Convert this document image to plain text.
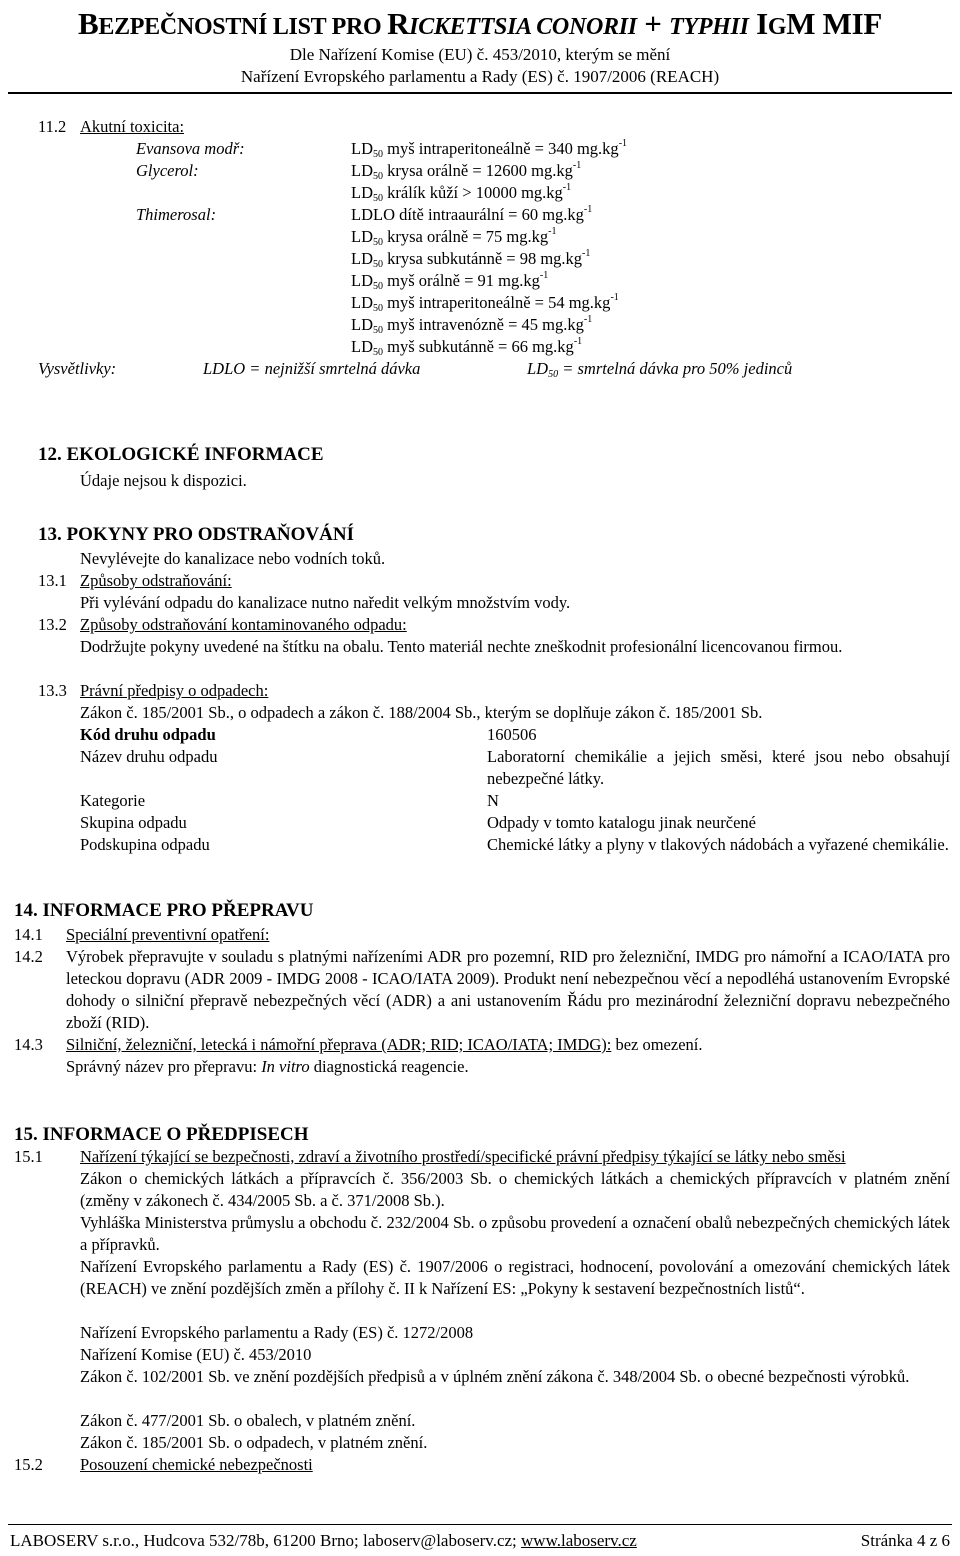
BEZPEČNOSTNÍ LIST PRO RICKETTSIA CONORII + TYPHII IGM MIF
Dle Nařízení Komise (EU) č. 453/2010, kterým se mění
Nařízení Evropského parlamentu a Rady (ES) č. 1907/2006 (REACH)
11.2 Akutní toxicita:
Evansova modř:	$LD_{50}$ myš intraperitoneálně = 340 $mg.kg^{-1}$
Glycerol:	$LD_{50}$ krysa orálně = 12600 $mg.kg^{-1}$
$LD_{50}$ králík kůží > 10000 $mg.kg^{-1}$
Thimerosal:	LDLO dítě intraaurální = 60 $mg.kg^{-1}$
$LD_{50}$ krysa orálně = 75 $mg.kg^{-1}$
$LD_{50}$ krysa subkutánně = 98 $mg.kg^{-1}$
$LD_{50}$ myš orálně = 91 $mg.kg^{-1}$
$LD_{50}$ myš intraperitoneálně = 54 $mg.kg^{-1}$
$LD_{50}$ myš intravenózně = 45 $mg.kg^{-1}$
$LD_{50}$ myš subkutánně = 66 $mg.kg^{-1}$
Vysvětlivky:	LDLO = nejnižší smrtelná dávka	$LD_{50}$ = smrtelná dávka pro 50% jedinců
12. EKOLOGICKÉ INFORMACE
Údaje nejsou k dispozici.
13. POKYNY PRO ODSTRAŇOVÁNÍ
Nevylévejte do kanalizace nebo vodních toků.
13.1 Způsoby odstraňování:
Při vylévání odpadu do kanalizace nutno naředit velkým množstvím vody.
13.2 Způsoby odstraňování kontaminovaného odpadu:
Dodržujte pokyny uvedené na štítku na obalu. Tento materiál nechte zneškodnit profesionální licencovanou firmou.
13.3 Právní předpisy o odpadech:
Zákon č. 185/2001 Sb., o odpadech a zákon č. 188/2004 Sb., kterým se doplňuje zákon č. 185/2001 Sb.
Kód druhu odpadu	160506
Název druhu odpadu	Laboratorní chemikálie a jejich směsi, které jsou nebo obsahují nebezpečné látky.
Kategorie	N
Skupina odpadu	Odpady v tomto katalogu jinak neurčené
Podskupina odpadu	Chemické látky a plyny v tlakových nádobách a vyřazené chemikálie.
14. INFORMACE PRO PŘEPRAVU
14.1 Speciální preventivní opatření:
14.2 Výrobek přepravujte v souladu s platnými nařízeními ADR pro pozemní, RID pro železniční, IMDG pro námořní a ICAO/IATA pro leteckou dopravu (ADR 2009 - IMDG 2008 - ICAO/IATA 2009). Produkt není nebezpečnou věcí a nepodléhá ustanovením Evropské dohody o silniční přepravě nebezpečných věcí (ADR) a ani ustanovením Řádu pro mezinárodní železniční dopravu nebezpečného zboží (RID).
14.3 Silniční, železniční, letecká i námořní přeprava (ADR; RID; ICAO/IATA; IMDG): bez omezení.
Správný název pro přepravu: In vitro diagnostická reagencie.
15. INFORMACE O PŘEDPISECH
15.1 Nařízení týkající se bezpečnosti, zdraví a životního prostředí/specifické právní předpisy týkající se látky nebo směsi
Zákon o chemických látkách a přípravcích č. 356/2003 Sb. o chemických látkách a chemických přípravcích v platném znění (změny v zákonech č. 434/2005 Sb. a č. 371/2008 Sb.).
Vyhláška Ministerstva průmyslu a obchodu č. 232/2004 Sb. o způsobu provedení a označení obalů nebezpečných chemických látek a přípravků.
Nařízení Evropského parlamentu a Rady (ES) č. 1907/2006 o registraci, hodnocení, povolování a omezování chemických látek (REACH) ve znění pozdějších změn a přílohy č. II k Nařízení ES: „Pokyny k sestavení bezpečnostních listů“.
Nařízení Evropského parlamentu a Rady (ES) č. 1272/2008
Nařízení Komise (EU) č. 453/2010
Zákon č. 102/2001 Sb. ve znění pozdějších předpisů a v úplném znění zákona č. 348/2004 Sb. o obecné bezpečnosti výrobků.
Zákon č. 477/2001 Sb. o obalech, v platném znění.
Zákon č. 185/2001 Sb. o odpadech, v platném znění.
15.2 Posouzení chemické nebezpečnosti
LABOSERV s.r.o., Hudcova 532/78b, 61200 Brno; laboserv@laboserv.cz; www.laboserv.cz	Stránka 4 z 6
